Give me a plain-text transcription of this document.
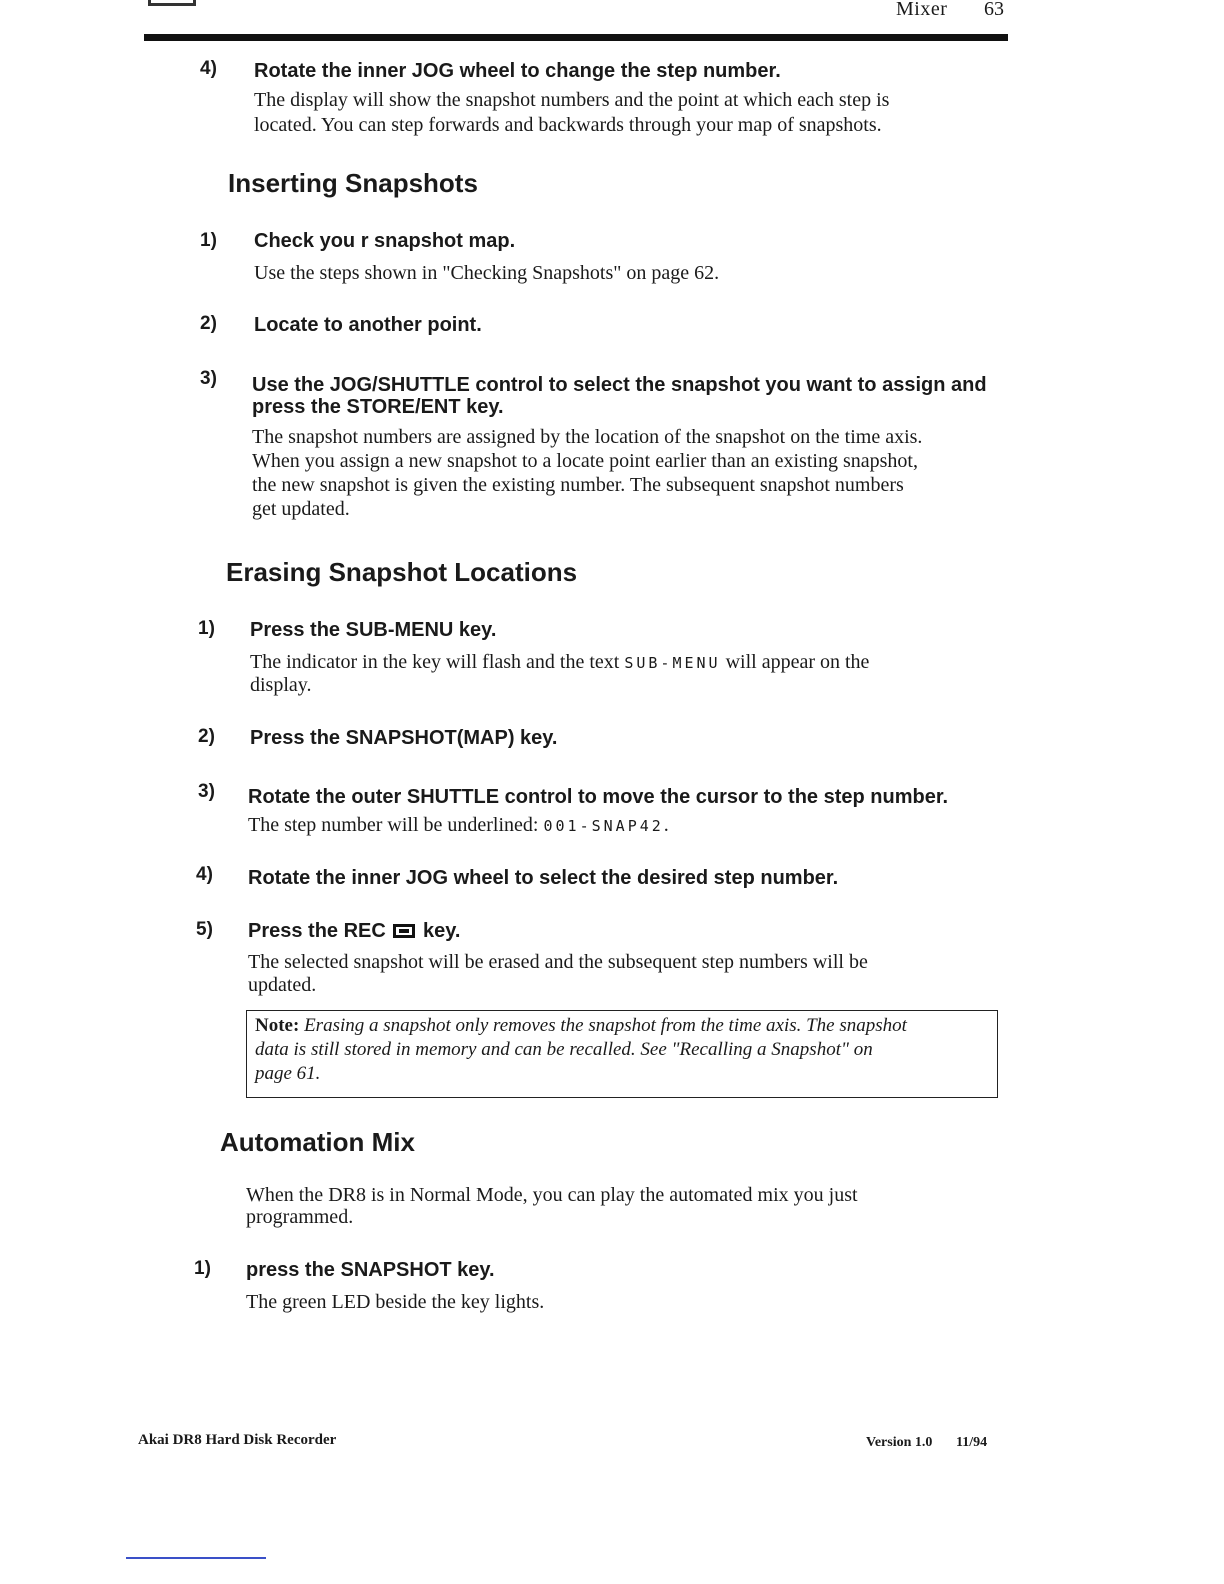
Mixer 63
4) Rotate the inner JOG wheel to change the step number.
The display will show the snapshot numbers and the point at which each step is
located. You can step forwards and backwards through your map of snapshots.
Inserting Snapshots
1) Check you r snapshot map.
Use the steps shown in "Checking Snapshots" on page 62.
2) Locate to another point.
3) Use the JOG/SHUTTLE control to select the snapshot you want to assign and
press the STORE/ENT key.
The snapshot numbers are assigned by the location of the snapshot on the time axis.
When you assign a new snapshot to a locate point earlier than an existing snapshot,
the new snapshot is given the existing number. The subsequent snapshot numbers
get updated.
Erasing Snapshot Locations
1) Press the SUB-MENU key.
The indicator in the key will flash and the text SUB-MENU will appear on the
display.
2) Press the SNAPSHOT(MAP) key.
3) Rotate the outer SHUTTLE control to move the cursor to the step number.
The step number will be underlined: 001-SNAP42.
4) Rotate the inner JOG wheel to select the desired step number.
5) Press the REC key.
The selected snapshot will be erased and the subsequent step numbers will be
updated.
Note: Erasing a snapshot only removes the snapshot from the time axis. The snapshot
data is still stored in memory and can be recalled. See "Recalling a Snapshot" on
page 61.
Automation Mix
When the DR8 is in Normal Mode, you can play the automated mix you just
programmed.
1) press the SNAPSHOT key.
The green LED beside the key lights.
Akai DR8 Hard Disk Recorder	Version 1.0 11/94
